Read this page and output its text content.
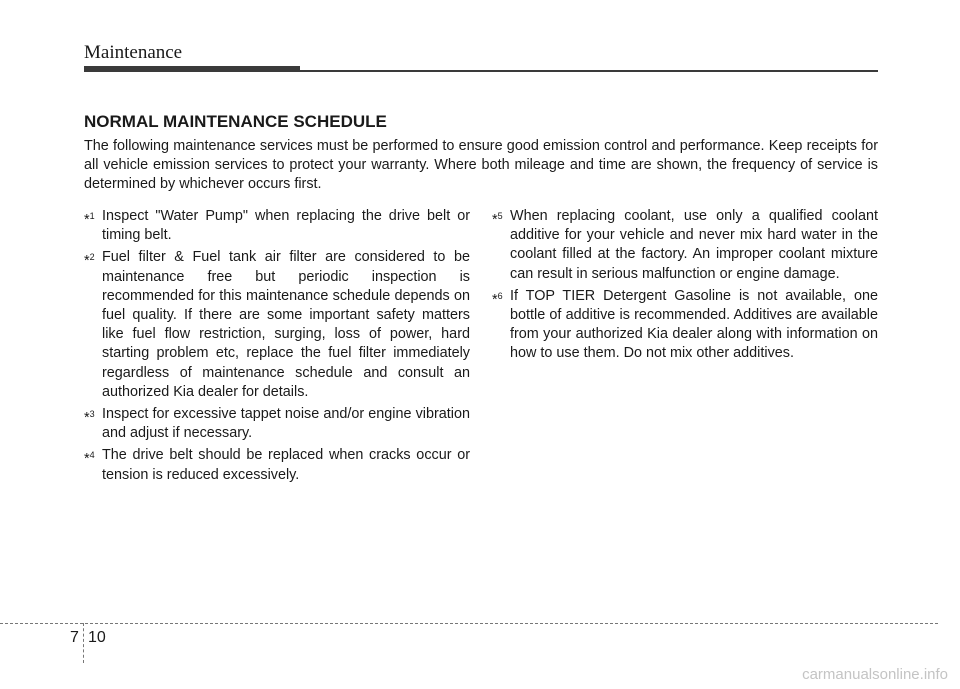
Maintenance
NORMAL MAINTENANCE SCHEDULE
The following maintenance services must be performed to ensure good emission control and performance. Keep receipts for all vehicle emission services to protect your warranty. Where both mileage and time are shown, the frequency of service is determined by whichever occurs first.
*$^1$ Inspect "Water Pump" when replacing the drive belt or timing belt.
*$^2$ Fuel filter & Fuel tank air filter are considered to be maintenance free but periodic inspection is recommended for this maintenance schedule depends on fuel quality. If there are some important safety matters like fuel flow restriction, surging, loss of power, hard starting problem etc, replace the fuel filter immediately regardless of maintenance schedule and consult an authorized Kia dealer for details.
*$^3$ Inspect for excessive tappet noise and/or engine vibration and adjust if necessary.
*$^4$ The drive belt should be replaced when cracks occur or tension is reduced excessively.
*$^5$ When replacing coolant, use only a qualified coolant additive for your vehicle and never mix hard water in the coolant filled at the factory. An improper coolant mixture can result in serious malfunction or engine damage.
*$^6$ If TOP TIER Detergent Gasoline is not available, one bottle of additive is recommended. Additives are available from your authorized Kia dealer along with information on how to use them. Do not mix other additives.
7 10
carmanualsonline.info
